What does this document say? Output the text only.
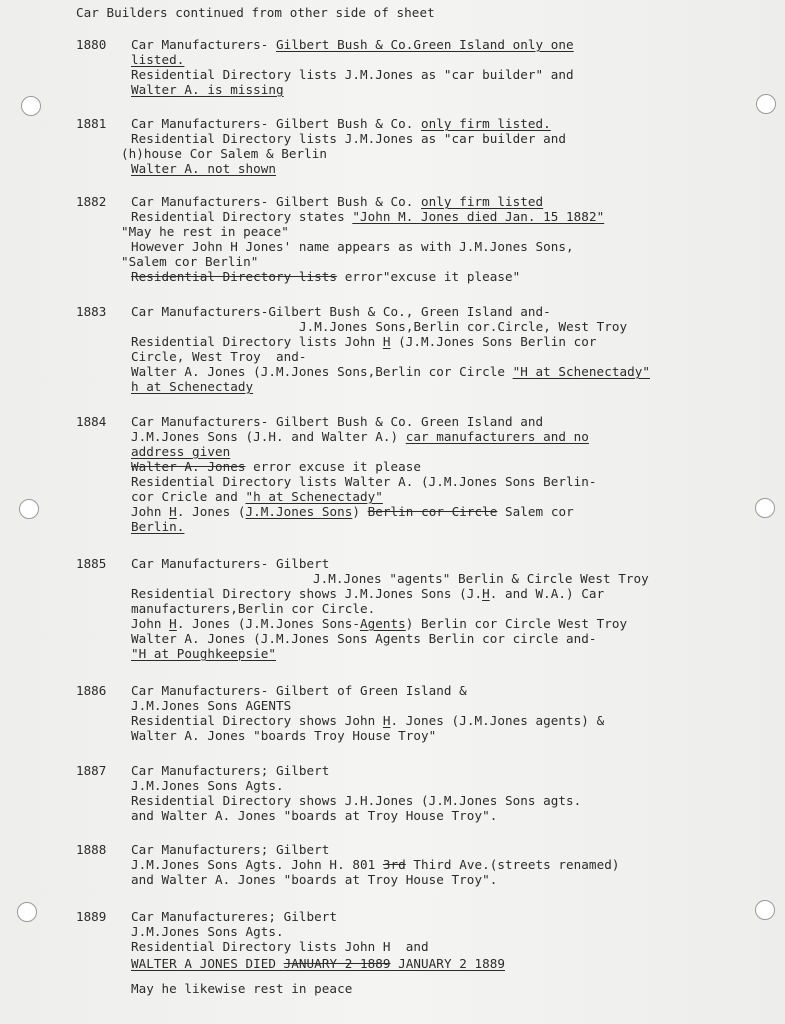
Car Builders continued from other side of sheet
1880 Car Manufacturers- Gilbert Bush & Co.Green Island only one
listed.
Residential Directory lists J.M.Jones as "car builder" and
Walter A. is missing
1881 Car Manufacturers- Gilbert Bush & Co. only firm listed.
Residential Directory lists J.M.Jones as "car builder and
(h)house Cor Salem & Berlin
Walter A. not shown
1882 Car Manufacturers- Gilbert Bush & Co. only firm listed
Residential Directory states "John M. Jones died Jan. 15 1882"
"May he rest in peace"
However John H Jones' name appears as with J.M.Jones Sons,
"Salem cor Berlin"
Residential Directory lists error"excuse it please"
1883 Car Manufacturers-Gilbert Bush & Co., Green Island and-
J.M.Jones Sons,Berlin cor.Circle, West Troy
Residential Directory lists John H (J.M.Jones Sons Berlin cor
Circle, West Troy  and-
Walter A. Jones (J.M.Jones Sons,Berlin cor Circle "H at Schenectady"
h at Schenectady
1884 Car Manufacturers- Gilbert Bush & Co. Green Island and
J.M.Jones Sons (J.H. and Walter A.) car manufacturers and no
address given
Walter A. Jones error excuse it please
Residential Directory lists Walter A. (J.M.Jones Sons Berlin-
cor Cricle and "h at Schenectady"
John H. Jones (J.M.Jones Sons) Berlin cor Circle Salem cor
Berlin.
1885 Car Manufacturers- Gilbert
J.M.Jones "agents" Berlin & Circle West Troy
Residential Directory shows J.M.Jones Sons (J.H. and W.A.) Car
manufacturers,Berlin cor Circle.
John H. Jones (J.M.Jones Sons-Agents) Berlin cor Circle West Troy
Walter A. Jones (J.M.Jones Sons Agents Berlin cor circle and-
"H at Poughkeepsie"
1886 Car Manufacturers- Gilbert of Green Island &
J.M.Jones Sons AGENTS
Residential Directory shows John H. Jones (J.M.Jones agents) &
Walter A. Jones "boards Troy House Troy"
1887 Car Manufacturers; Gilbert
J.M.Jones Sons Agts.
Residential Directory shows J.H.Jones (J.M.Jones Sons agts.
and Walter A. Jones "boards at Troy House Troy".
1888 Car Manufacturers; Gilbert
J.M.Jones Sons Agts. John H. 801 3rd Third Ave.(streets renamed)
and Walter A. Jones "boards at Troy House Troy".
1889 Car Manufactureres; Gilbert
J.M.Jones Sons Agts.
Residential Directory lists John H  and
WALTER A JONES DIED JANUARY 2 1889 JANUARY 2 1889
May he likewise rest in peace
